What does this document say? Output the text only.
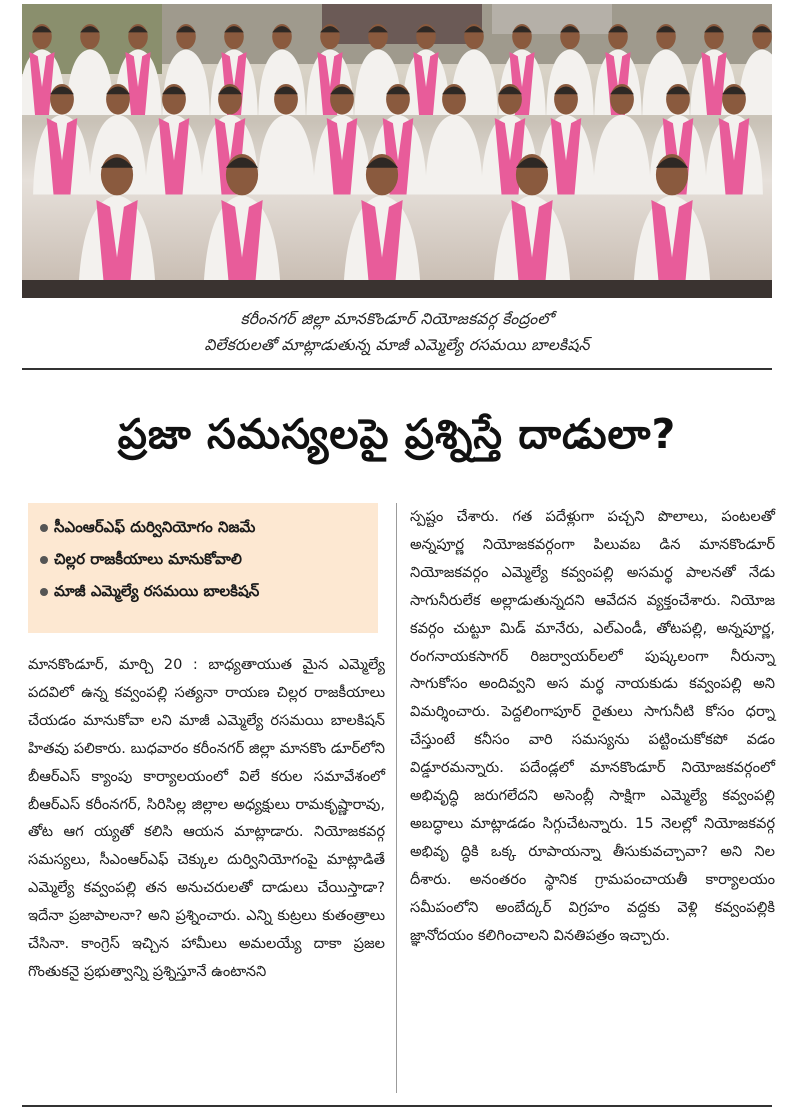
కరీంనగర్ జిల్లా మానకొండూర్ నియోజకవర్గ కేంద్రంలో
విలేకరులతో మాట్లాడుతున్న మాజీ ఎమ్మెల్యే రసమయి బాలకిషన్
ప్రజా సమస్యలపై ప్రశ్నిస్తే దాడులా?
సీఎంఆర్‌ఎఫ్ దుర్వినియోగం నిజమే
చిల్లర రాజకీయాలు మానుకోవాలి
మాజీ ఎమ్మెల్యే రసమయి బాలకిషన్
మానకొండూర్, మార్చి 20 : బాధ్యతాయుత మైన ఎమ్మెల్యే పదవిలో ఉన్న కవ్వంపల్లి సత్యనా రాయణ చిల్లర రాజకీయాలు చేయడం మానుకోవా లని మాజీ ఎమ్మెల్యే రసమయి బాలకిషన్ హితవు పలికారు. బుధవారం కరీంనగర్ జిల్లా మానకొం డూర్‌లోని బీఆర్‌ఎస్ క్యాంపు కార్యాలయంలో విలే కరుల సమావేశంలో బీఆర్‌ఎస్ కరీంనగర్, సిరిసిల్ల జిల్లాల అధ్యక్షులు రామకృష్ణారావు, తోట ఆగ య్యతో కలిసి ఆయన మాట్లాడారు. నియోజకవర్గ సమస్యలు, సీఎంఆర్‌ఎఫ్ చెక్కుల దుర్వినియోగంపై మాట్లాడితే ఎమ్మెల్యే కవ్వంపల్లి తన అనుచరులతో దాడులు చేయిస్తాడా? ఇదేనా ప్రజాపాలనా? అని ప్రశ్నించారు. ఎన్ని కుట్రలు కుతంత్రాలు చేసినా. కాంగ్రెస్ ఇచ్చిన హామీలు అమలయ్యే దాకా ప్రజల గొంతుకనై ప్రభుత్వాన్ని ప్రశ్నిస్తూనే ఉంటానని
స్పష్టం చేశారు. గత పదేళ్లుగా పచ్చని పొలాలు, పంటలతో అన్నపూర్ణ నియోజకవర్గంగా పిలువబ డిన మానకొండూర్ నియోజకవర్గం ఎమ్మెల్యే కవ్వంపల్లి అసమర్థ పాలనతో నేడు సాగునీరులేక అల్లాడుతున్నదని ఆవేదన వ్యక్తంచేశారు. నియోజ కవర్గం చుట్టూ మిడ్ మానేరు, ఎల్‌ఎండీ, తోటపల్లి, అన్నపూర్ణ, రంగనాయకసాగర్ రిజర్వాయర్‌లలో పుష్కలంగా నీరున్నా సాగుకోసం అందివ్వని అస మర్థ నాయకుడు కవ్వంపల్లి అని విమర్శించారు. పెద్దలింగాపూర్ రైతులు సాగునీటి కోసం ధర్నా చేస్తుంటే కనీసం వారి సమస్యను పట్టించుకోకపో వడం విడ్డూరమన్నారు. పదేండ్లలో మానకొండూర్ నియోజకవర్గంలో అభివృద్ధి జరుగలేదని అసెంబ్లీ సాక్షిగా ఎమ్మెల్యే కవ్వంపల్లి అబద్ధాలు మాట్లాడడం సిగ్గుచేటన్నారు. 15 నెలల్లో నియోజకవర్గ అభివృ ద్ధికి ఒక్క రూపాయన్నా తీసుకువచ్చావా? అని నిల దీశారు. అనంతరం స్థానిక గ్రామపంచాయతీ కార్యాలయం సమీపంలోని అంబేద్కర్ విగ్రహం వద్దకు వెళ్లి కవ్వంపల్లికి జ్ఞానోదయం కలిగించాలని వినతిపత్రం ఇచ్చారు.
